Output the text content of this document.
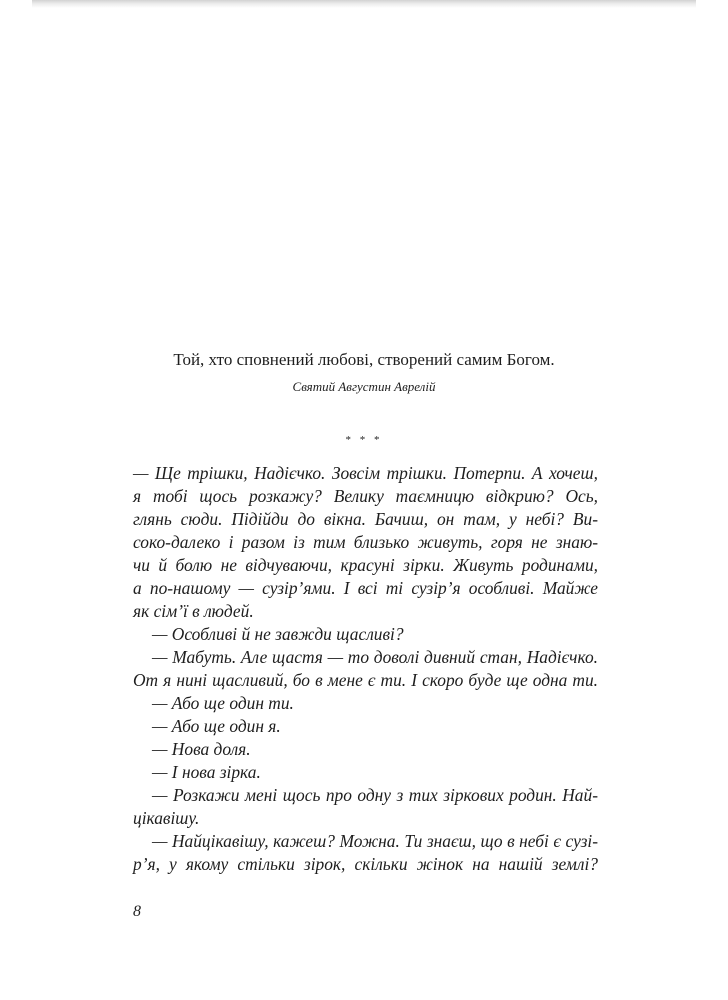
Той, хто сповнений любові, створений самим Богом.

Святий Августин Аврелій
* * *
— Ще трішки, Надієчко. Зовсім трішки. Потерпи. А хочеш,
я тобі щось розкажу? Велику таємницю відкрию? Ось,
глянь сюди. Підійди до вікна. Бачиш, он там, у небі? Ви-
соко-далеко і разом із тим близько живуть, горя не знаю-
чи й болю не відчуваючи, красуні зірки. Живуть родинами,
а по-нашому — сузір’ями. І всі ті сузір’я особливі. Майже
як сім’ї в людей.
— Особливі й не завжди щасливі?
— Мабуть. Але щастя — то доволі дивний стан, Надієчко.
От я нині щасливий, бо в мене є ти. І скоро буде ще одна ти.
— Або ще один ти.
— Або ще один я.
— Нова доля.
— І нова зірка.
— Розкажи мені щось про одну з тих зіркових родин. Най-
цікавішу.
— Найцікавішу, кажеш? Можна. Ти знаєш, що в небі є сузі-
р’я, у якому стільки зірок, скільки жінок на нашій землі?
8
